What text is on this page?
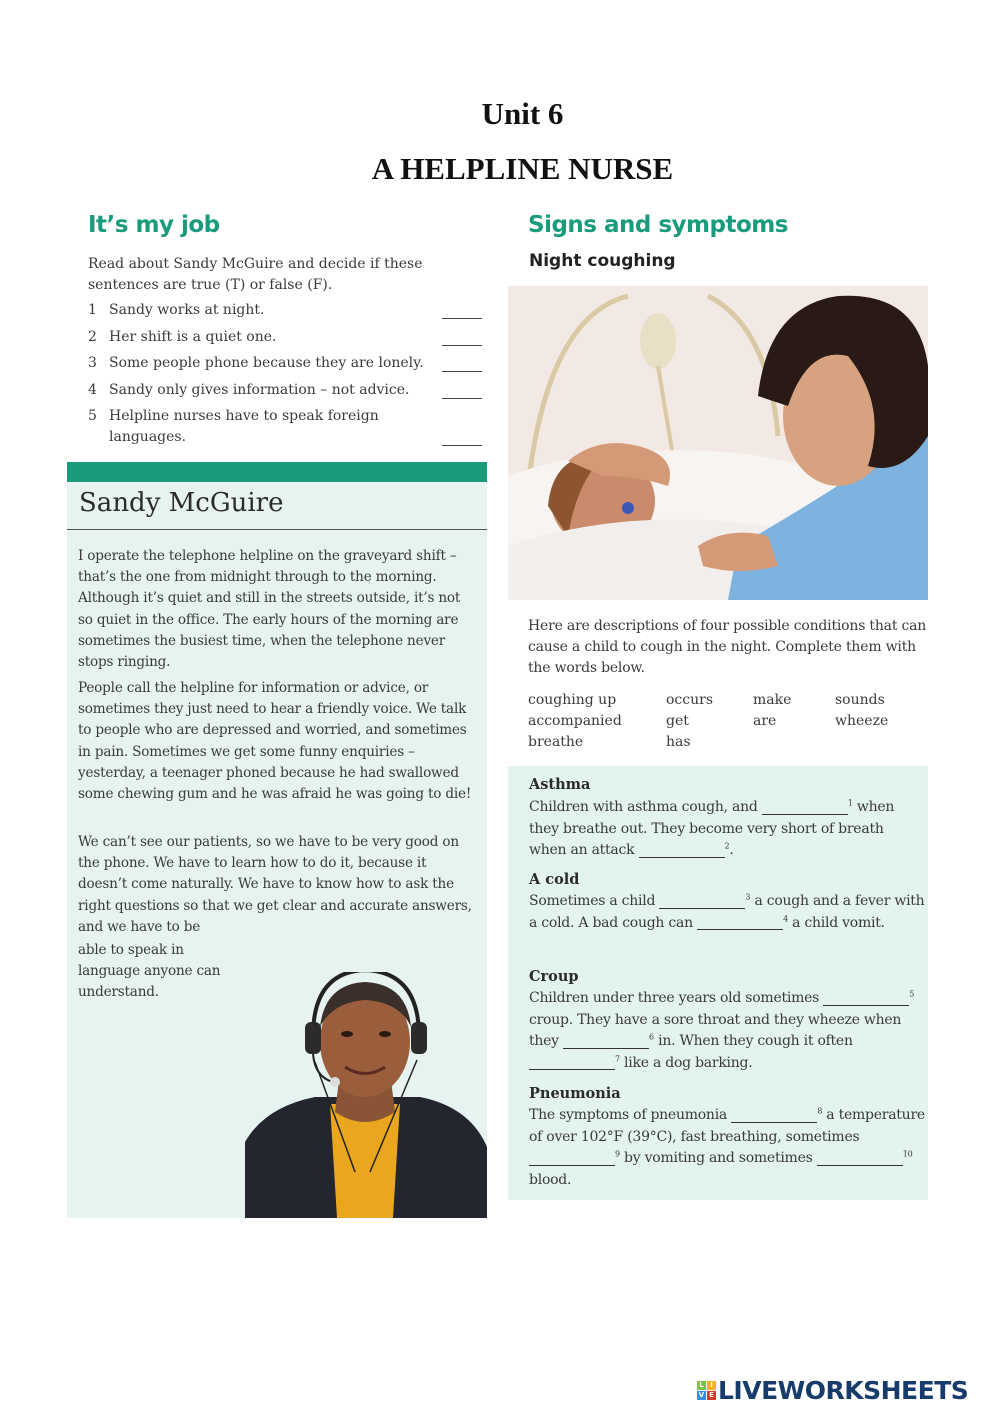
Unit 6
A HELPLINE NURSE
It’s my job
Read about Sandy McGuire and decide if these sentences are true (T) or false (F).
1 Sandy works at night.
2 Her shift is a quiet one.
3 Some people phone because they are lonely.
4 Sandy only gives information – not advice.
5 Helpline nurses have to speak foreign languages.
Sandy McGuire

I operate the telephone helpline on the graveyard shift – that’s the one from midnight through to the morning. Although it’s quiet and still in the streets outside, it’s not so quiet in the office. The early hours of the morning are sometimes the busiest time, when the telephone never stops ringing.

People call the helpline for information or advice, or sometimes they just need to hear a friendly voice. We talk to people who are depressed and worried, and sometimes in pain. Sometimes we get some funny enquiries – yesterday, a teenager phoned because he had swallowed some chewing gum and he was afraid he was going to die!

We can’t see our patients, so we have to be very good on the phone. We have to learn how to do it, because it doesn’t come naturally. We have to know how to ask the right questions so that we get clear and accurate answers, and we have to be

able to speak in language anyone can understand.

Signs and symptoms
Night coughing

Here are descriptions of four possible conditions that can cause a child to cough in the night. Complete them with the words below.

coughing up	occurs	make	sounds
accompanied	get	are	wheeze
breathe	has
Asthma

Children with asthma cough, and	$^1$ when they breathe out. They become very short of breath when an attack	$^2$.

A cold

Sometimes a child	$^3$ a cough and a fever with a cold. A bad cough can	$^4$ a child vomit.

Croup

Children under three years old sometimes	$^5$ croup. They have a sore throat and they wheeze when they	$^6$ in. When they cough it often $^7$ like a dog barking.

Pneumonia

The symptoms of pneumonia	$^8$ a temperature of over 102°F (39°C), fast breathing, sometimes $^9$ by vomiting and sometimes	$^{10}$ blood.

L I
V E LIVEWORKSHEETS
